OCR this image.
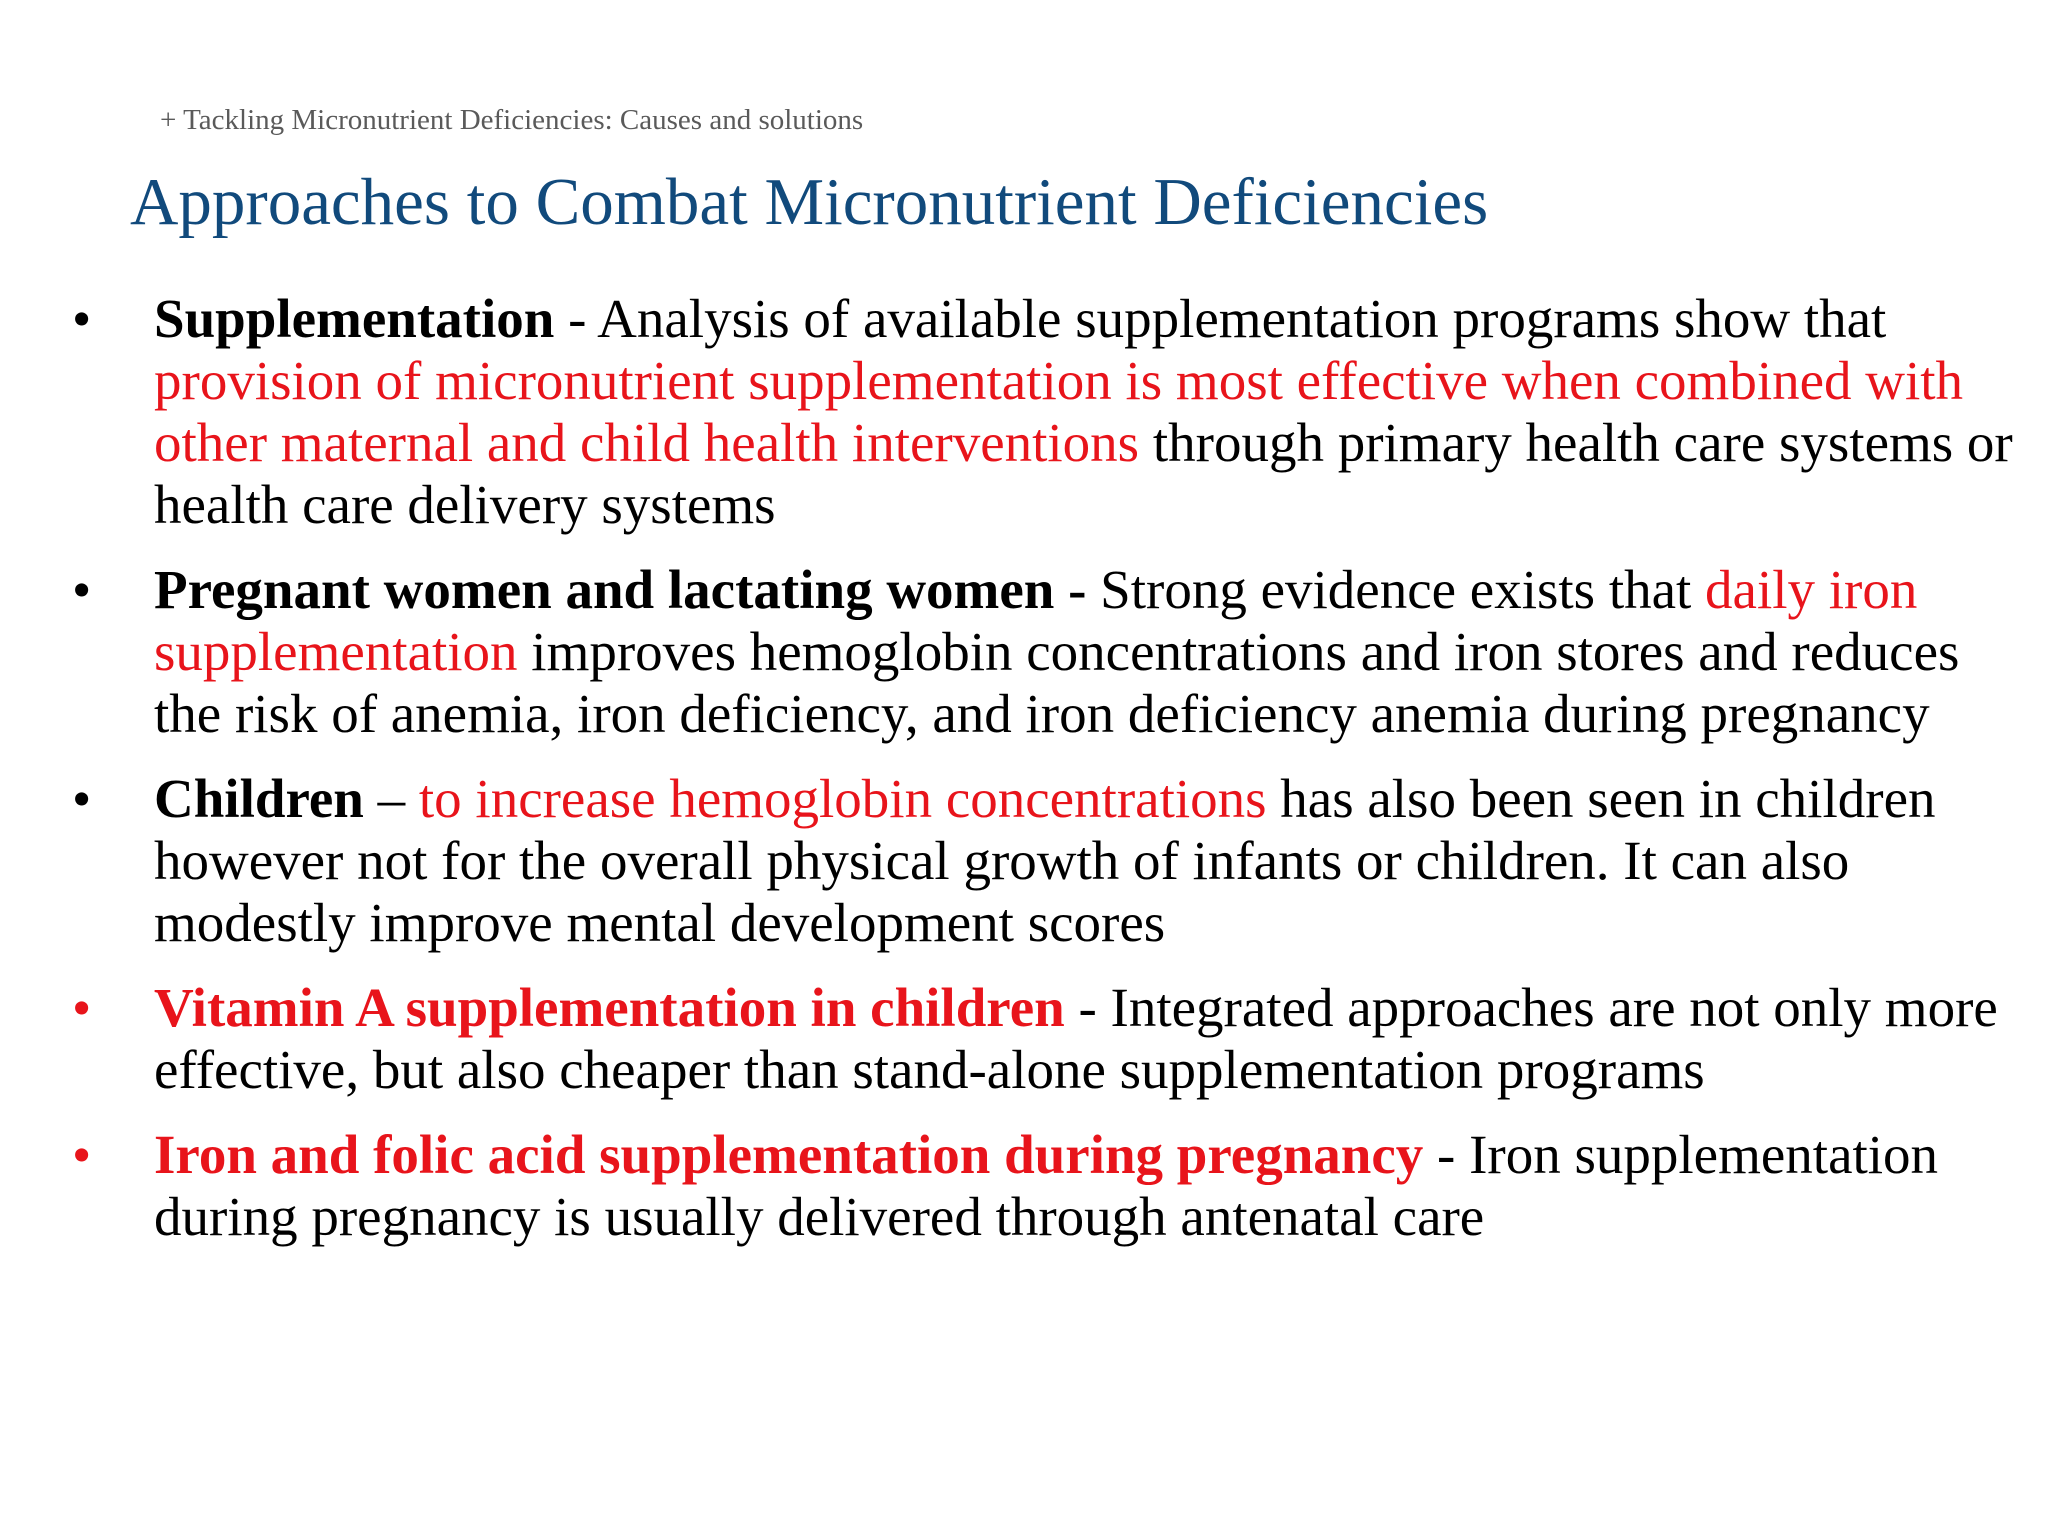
+ Tackling Micronutrient Deficiencies: Causes and solutions
Approaches to Combat Micronutrient Deficiencies
•	Supplementation - Analysis of available supplementation programs show that provision of micronutrient supplementation is most effective when combined with other maternal and child health interventions through primary health care systems or health care delivery systems
•	Pregnant women and lactating women - Strong evidence exists that daily iron supplementation improves hemoglobin concentrations and iron stores and reduces the risk of anemia, iron deficiency, and iron deficiency anemia during pregnancy
•	Children – to increase hemoglobin concentrations has also been seen in children however not for the overall physical growth of infants or children. It can also modestly improve mental development scores
•	Vitamin A supplementation in children - Integrated approaches are not only more effective, but also cheaper than stand-alone supplementation programs
•	Iron and folic acid supplementation during pregnancy - Iron supplementation during pregnancy is usually delivered through antenatal care
